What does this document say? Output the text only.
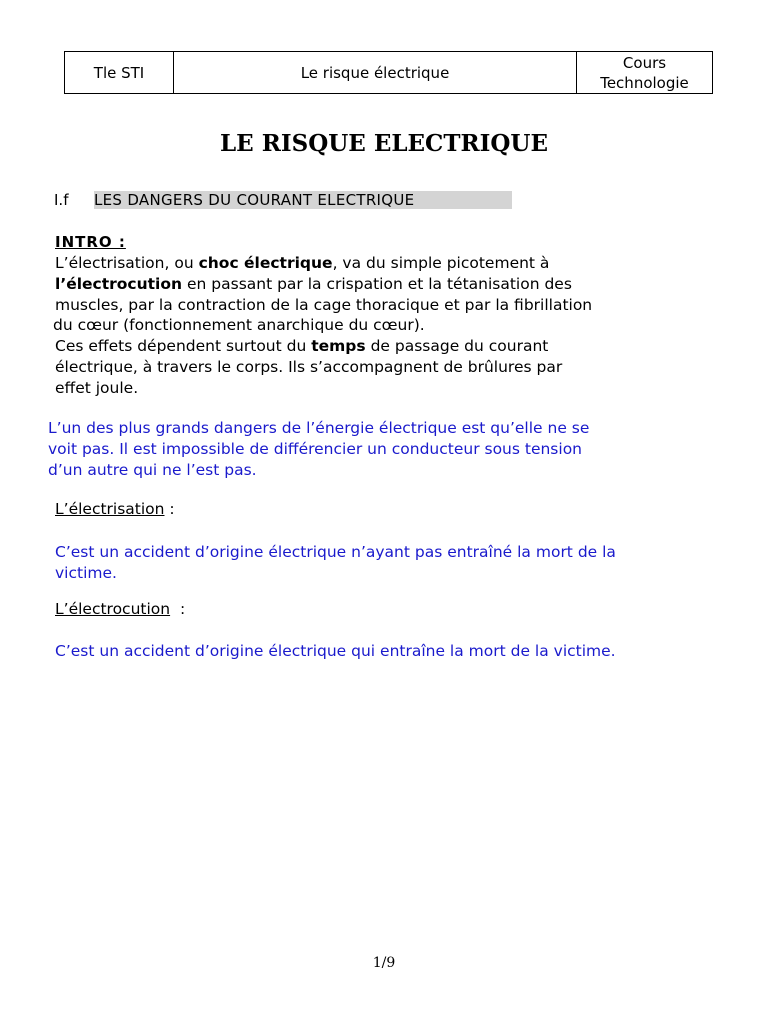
Tle STI	Le risque électrique
Cours
Technologie
LE RISQUE ELECTRIQUE
I.f	LES DANGERS DU COURANT ELECTRIQUE
INTRO :
L’électrisation, ou choc électrique, va du simple picotement à
l’électrocution en passant par la crispation et la tétanisation des
muscles, par la contraction de la cage thoracique et par la fibrillation
du cœur (fonctionnement anarchique du cœur).
Ces effets dépendent surtout du temps de passage du courant
électrique, à travers le corps. Ils s’accompagnent de brûlures par
effet joule.
L’un des plus grands dangers de l’énergie électrique est qu’elle ne se
voit pas. Il est impossible de différencier un conducteur sous tension
d’un autre qui ne l’est pas.
L’électrisation :
C’est un accident d’origine électrique n’ayant pas entraîné la mort de la
victime.
L’électrocution  :
C’est un accident d’origine électrique qui entraîne la mort de la victime.
1/9
